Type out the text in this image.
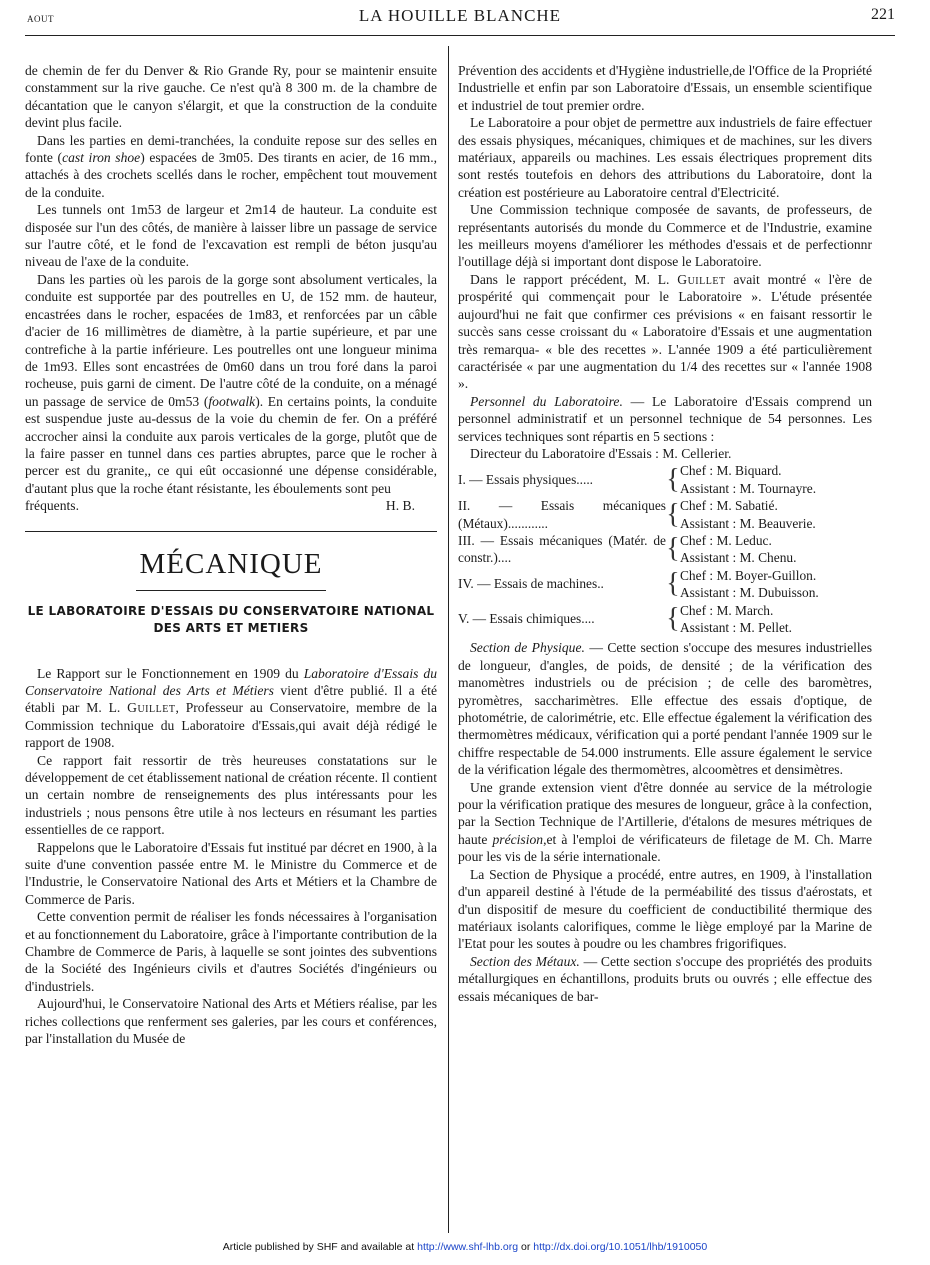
AOUT	LA HOUILLE BLANCHE	221

de chemin de fer du Denver & Rio Grande Ry, pour se maintenir ensuite constamment sur la rive gauche. Ce n'est qu'à 8 300 m. de la chambre de décantation que le canyon s'élargit, et que la construction de la conduite devint plus facile.

Dans les parties en demi-tranchées, la conduite repose sur des selles en fonte (cast iron shoe) espacées de 3m05. Des tirants en acier, de 16 mm., attachés à des crochets scellés dans le rocher, empêchent tout mouvement de la conduite.

Les tunnels ont 1m53 de largeur et 2m14 de hauteur. La conduite est disposée sur l'un des côtés, de manière à laisser libre un passage de service sur l'autre côté, et le fond de l'excavation est rempli de béton jusqu'au niveau de l'axe de la conduite.

Dans les parties où les parois de la gorge sont absolument verticales, la conduite est supportée par des poutrelles en U, de 152 mm. de hauteur, encastrées dans le rocher, espacées de 1m83, et renforcées par un câble d'acier de 16 millimètres de diamètre, à la partie supérieure, et par une contrefiche à la partie inférieure. Les poutrelles ont une longueur minima de 1m93. Elles sont encastrées de 0m60 dans un trou foré dans la paroi rocheuse, puis garni de ciment. De l'autre côté de la conduite, on a ménagé un passage de service de 0m53 (footwalk). En certains points, la conduite est suspendue juste au-dessus de la voie du chemin de fer. On a préféré accrocher ainsi la conduite aux parois verticales de la gorge, plutôt que de la faire passer en tunnel dans ces parties abruptes, parce que le rocher à percer est du granite,, ce qui eût occasionné une dépense considérable, d'autant plus que la roche étant résistante, les éboulements sont peu

fréquents.	H. B.
MÉCANIQUE
LE LABORATOIRE D'ESSAIS DU CONSERVATOIRE NATIONAL
DES ARTS ET METIERS

Le Rapport sur le Fonctionnement en 1909 du Laboratoire d'Essais du Conservatoire National des Arts et Métiers vient d'être publié. Il a été établi par M. L. Guillet, Professeur au Conservatoire, membre de la Commission technique du Laboratoire d'Essais,qui avait déjà rédigé le rapport de 1908.

Ce rapport fait ressortir de très heureuses constatations sur le développement de cet établissement national de création récente. Il contient un certain nombre de renseignements des plus intéressants pour les industriels ; nous pensons être utile à nos lecteurs en résumant les parties essentielles de ce rapport.

Rappelons que le Laboratoire d'Essais fut institué par décret en 1900, à la suite d'une convention passée entre M. le Ministre du Commerce et de l'Industrie, le Conservatoire National des Arts et Métiers et la Chambre de Commerce de Paris.

Cette convention permit de réaliser les fonds nécessaires à l'organisation et au fonctionnement du Laboratoire, grâce à l'importante contribution de la Chambre de Commerce de Paris, à laquelle se sont jointes des subventions de la Société des Ingénieurs civils et d'autres Sociétés d'ingénieurs ou d'industriels.

Aujourd'hui, le Conservatoire National des Arts et Métiers réalise, par les riches collections que renferment ses galeries, par les cours et conférences, par l'installation du Musée de

Prévention des accidents et d'Hygiène industrielle,de l'Office de la Propriété Industrielle et enfin par son Laboratoire d'Essais, un ensemble scientifique et industriel de tout premier ordre.

Le Laboratoire a pour objet de permettre aux industriels de faire effectuer des essais physiques, mécaniques, chimiques et de machines, sur les divers matériaux, appareils ou machines. Les essais électriques proprement dits sont restés toutefois en dehors des attributions du Laboratoire, dont la création est postérieure au Laboratoire central d'Electricité.

Une Commission technique composée de savants, de professeurs, de représentants autorisés du monde du Commerce et de l'Industrie, examine les meilleurs moyens d'améliorer les méthodes d'essais et de perfectionnr l'outillage déjà si important dont dispose le Laboratoire.

Dans le rapport précédent, M. L. Guillet avait montré « l'ère de prospérité qui commençait pour le Laboratoire ». L'étude présentée aujourd'hui ne fait que confirmer ces prévisions « en faisant ressortir le succès sans cesse croissant du « Laboratoire d'Essais et une augmentation très remarqua- « ble des recettes ». L'année 1909 a été particulièrement caractérisée « par une augmentation du 1/4 des recettes sur « l'année 1908 ».

Personnel du Laboratoire. — Le Laboratoire d'Essais comprend un personnel administratif et un personnel technique de 54 personnes. Les services techniques sont répartis en 5 sections :

Directeur du Laboratoire d'Essais : M. Cellerier.

I. — Essais physiques.....	{	Chef : M. Biquard.
Assistant : M. Tournayre.

II. — Essais mécaniques (Métaux)............	{	Chef : M. Sabatié.
Assistant : M. Beauverie.

III. — Essais mécaniques (Matér. de constr.)....	{	Chef : M. Leduc.
Assistant : M. Chenu.

IV. — Essais de machines..	{	Chef : M. Boyer-Guillon.
Assistant : M. Dubuisson.

V. — Essais chimiques....	{	Chef : M. March.
Assistant : M. Pellet.

Section de Physique. — Cette section s'occupe des mesures industrielles de longueur, d'angles, de poids, de densité ; de la vérification des manomètres industriels ou de précision ; de celle des baromètres, pyromètres, saccharimètres. Elle effectue des essais d'optique, de photométrie, de calorimétrie, etc. Elle effectue également la vérification des thermomètres médicaux, vérification qui a porté pendant l'année 1909 sur le chiffre respectable de 54.000 instruments. Elle assure également le service de la vérification légale des thermomètres, alcoomètres et densimètres.

Une grande extension vient d'être donnée au service de la métrologie pour la vérification pratique des mesures de longueur, grâce à la confection, par la Section Technique de l'Artillerie, d'étalons de mesures métriques de haute précision,et à l'emploi de vérificateurs de filetage de M. Ch. Marre pour les vis de la série internationale.

La Section de Physique a procédé, entre autres, en 1909, à l'installation d'un appareil destiné à l'étude de la perméabilité des tissus d'aérostats, et d'un dispositif de mesure du coefficient de conductibilité thermique des matériaux isolants calorifiques, comme le liège employé par la Marine de l'Etat pour les soutes à poudre ou les chambres frigorifiques.

Section des Métaux. — Cette section s'occupe des propriétés des produits métallurgiques en échantillons, produits bruts ou ouvrés ; elle effectue des essais mécaniques de bar-

Article published by SHF and available at http://www.shf-lhb.org or http://dx.doi.org/10.1051/lhb/1910050
